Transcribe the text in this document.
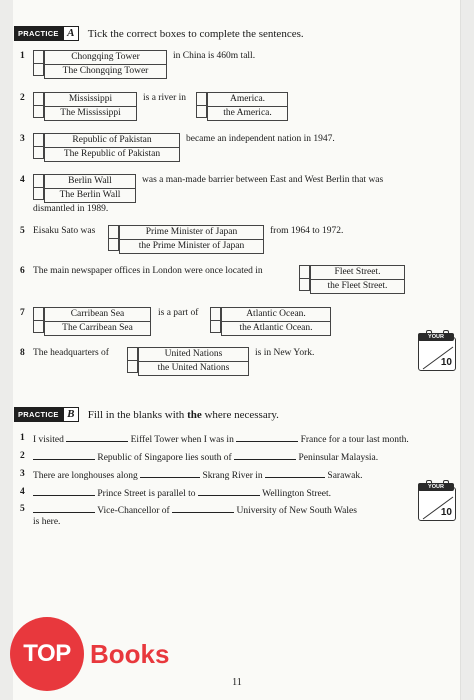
PRACTICE A	Tick the correct boxes to complete the sentences.
1	Chongqing Tower
The Chongqing Tower
in China is 460m tall.
2	Mississippi
The Mississippi
is a river in	America.
the America.
3	Republic of Pakistan
The Republic of Pakistan
became an independent nation in 1947.
4	Berlin Wall
The Berlin Wall
was a man-made barrier between East and West Berlin that was
dismantled in 1989.
5 Eisaku Sato was	Prime Minister of Japan
the Prime Minister of Japan
from 1964 to 1972.
6 The main newspaper offices in London were once located in	Fleet Street.
the Fleet Street.
7	Carribean Sea
The Carribean Sea
is a part of	Atlantic Ocean.
the Atlantic Ocean.
8 The headquarters of	United Nations
the United Nations
is in New York.
YOUR SCORE
10
PRACTICE B	Fill in the blanks with the where necessary.
1 I visited	Eiffel Tower when I was in	France for a tour last month.
2	Republic of Singapore lies south of	Peninsular Malaysia.
3 There are longhouses along	Skrang River in	Sarawak.
4	Prince Street is parallel to	Wellington Street.
5	Vice-Chancellor of	University of New South Wales
is here.
YOUR SCORE
10
TOP Books
11
